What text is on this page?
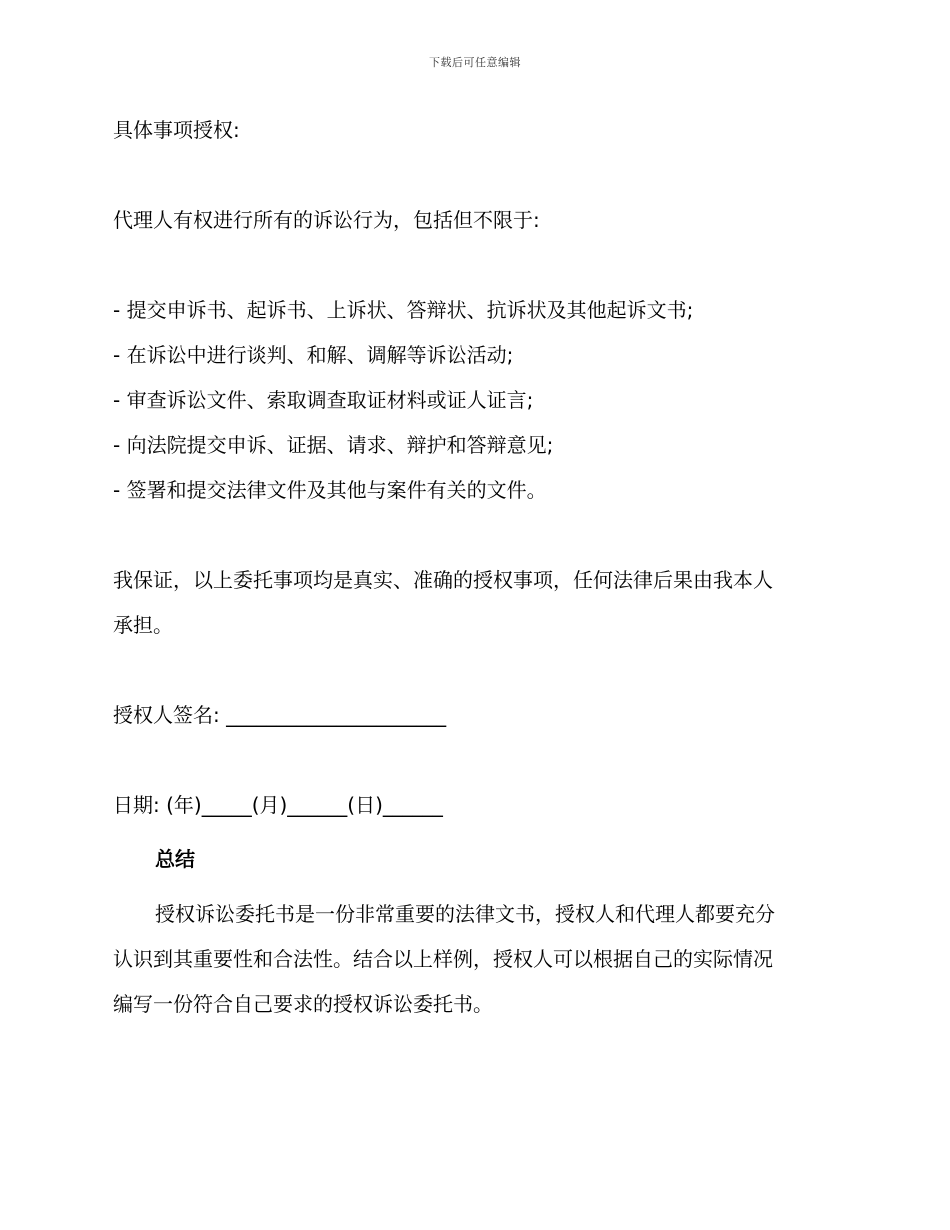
下载后可任意编辑
具体事项授权:
代理人有权进行所有的诉讼行为，包括但不限于:
- 提交申诉书、起诉书、上诉状、答辩状、抗诉状及其他起诉文书;
- 在诉讼中进行谈判、和解、调解等诉讼活动;
- 审查诉讼文件、索取调查取证材料或证人证言;
- 向法院提交申诉、证据、请求、辩护和答辩意见;
- 签署和提交法律文件及其他与案件有关的文件。
我保证，以上委托事项均是真实、准确的授权事项，任何法律后果由我本人
承担。
授权人签名: ______________________
日期: (年)_____(月)______(日)______
总结
授权诉讼委托书是一份非常重要的法律文书，授权人和代理人都要充分
认识到其重要性和合法性。结合以上样例，授权人可以根据自己的实际情况
编写一份符合自己要求的授权诉讼委托书。
